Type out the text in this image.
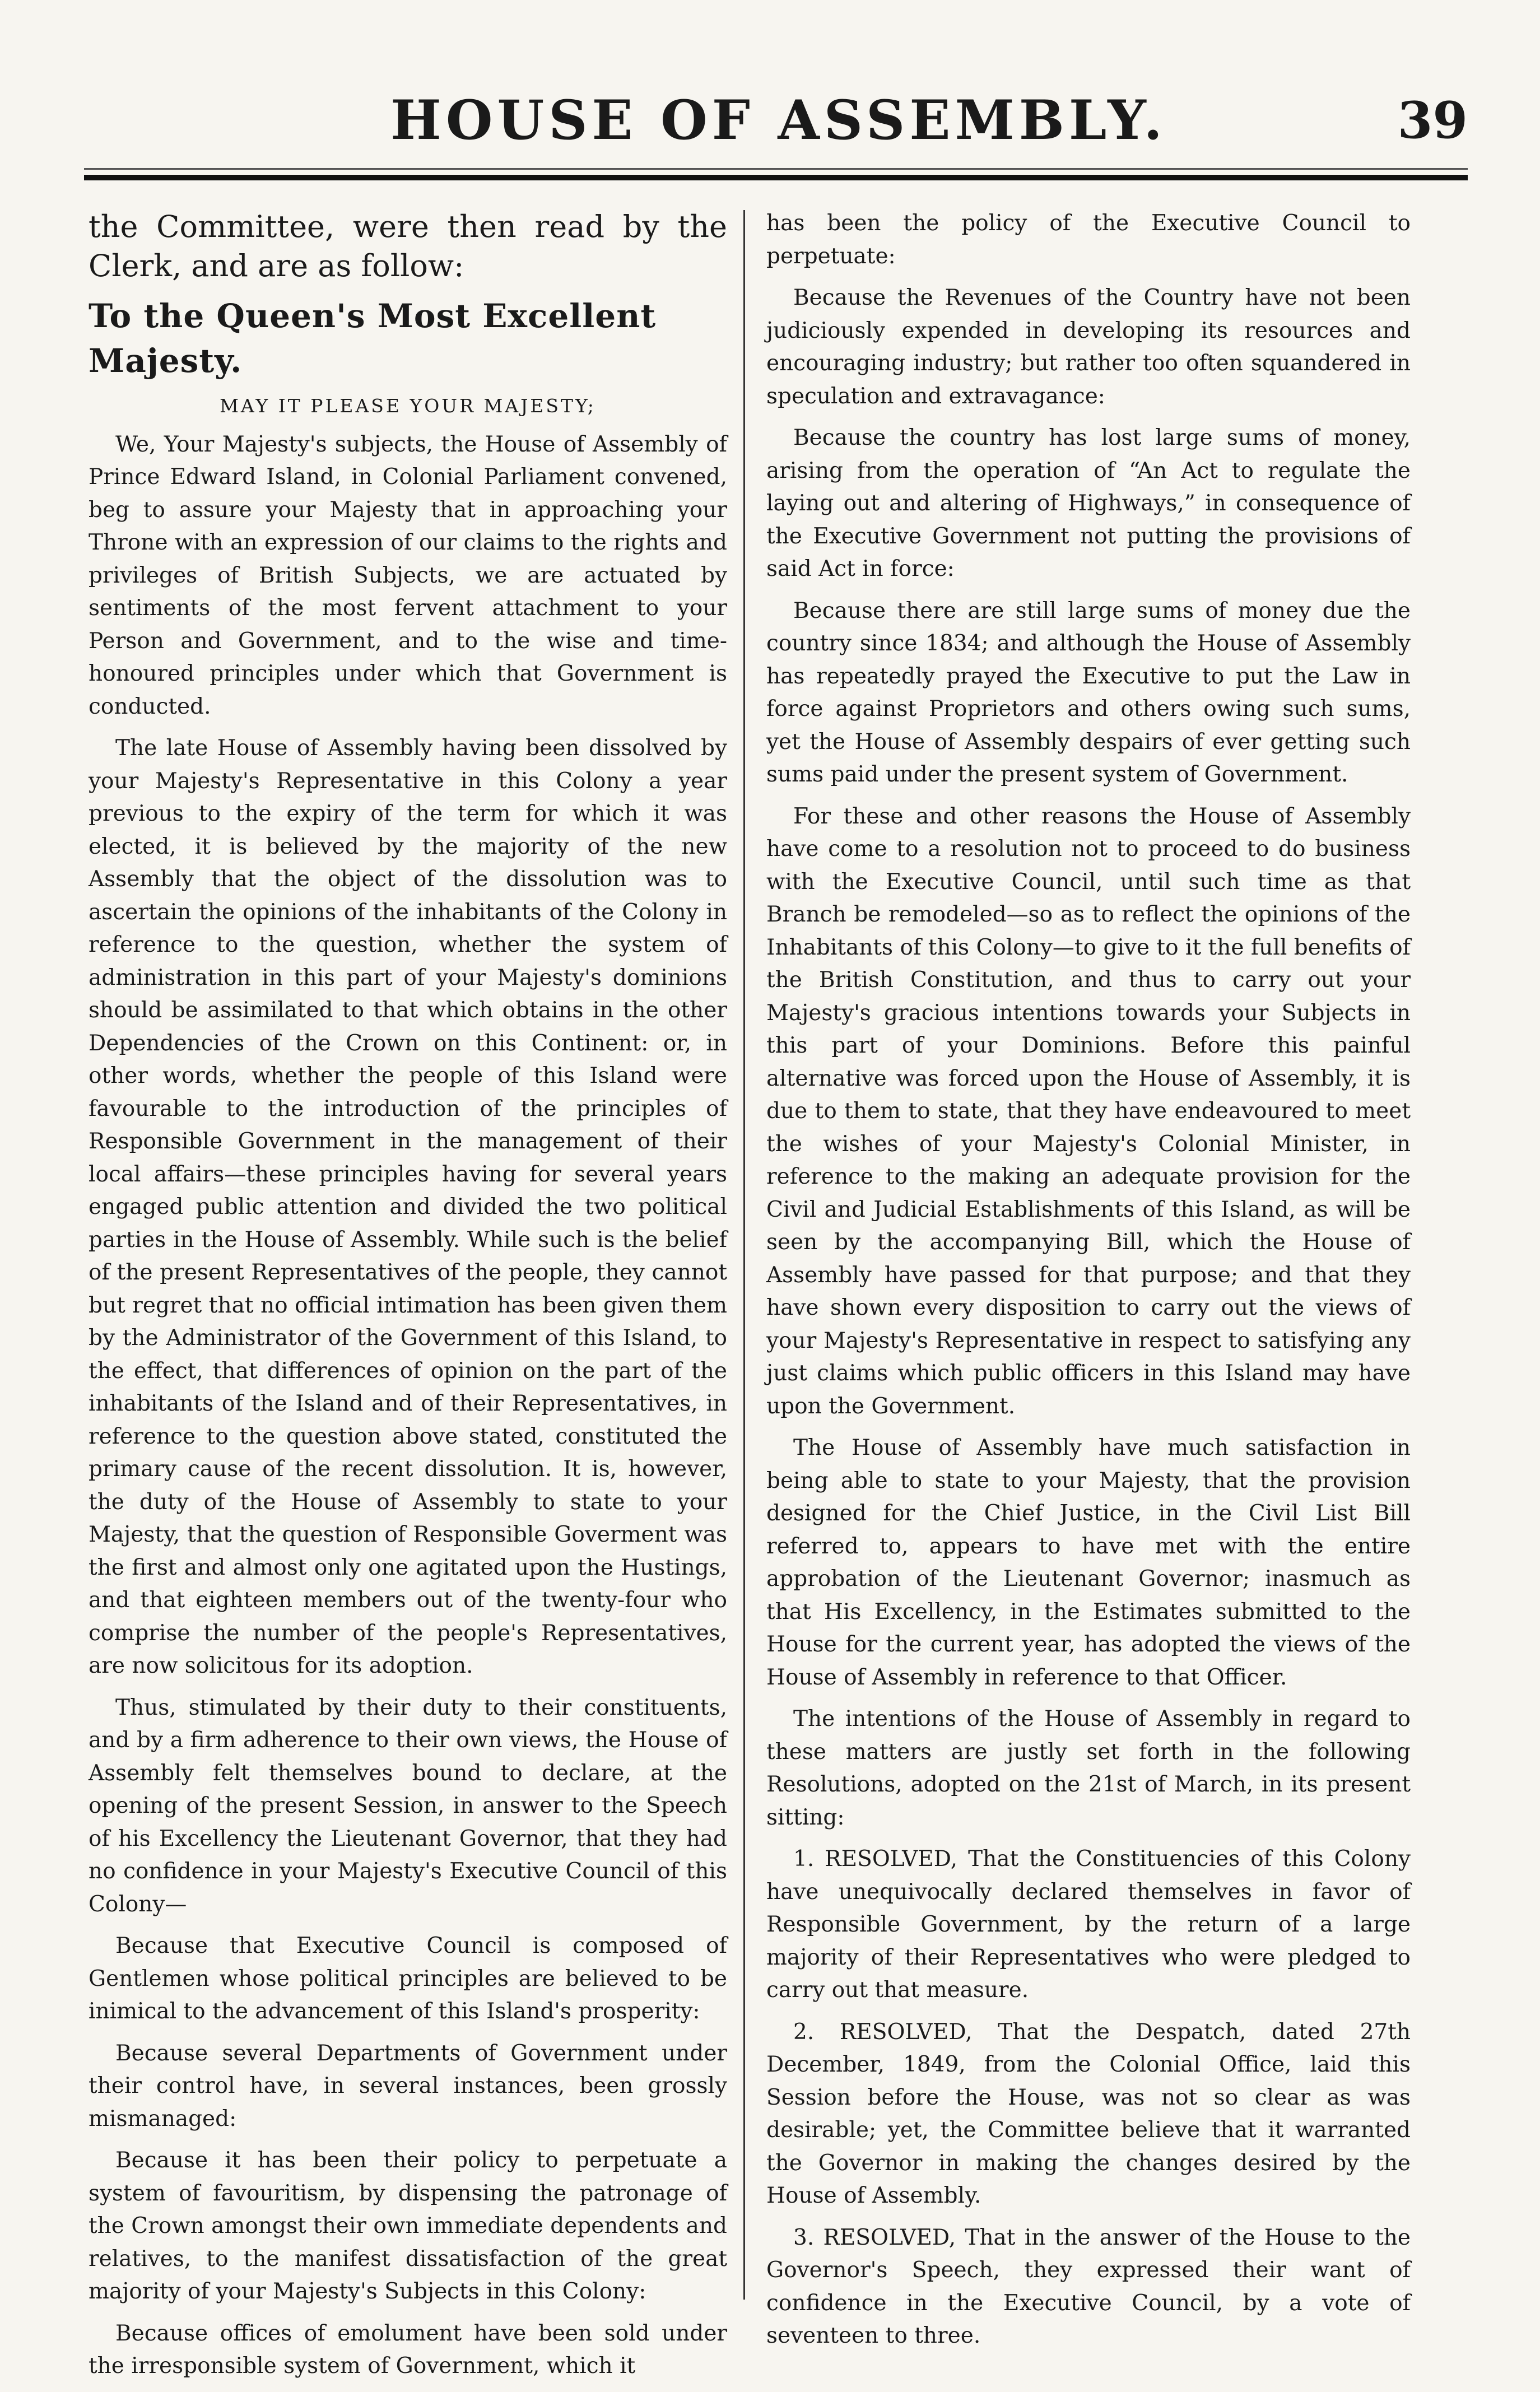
HOUSE OF ASSEMBLY.	39

the Committee, were then read by the Clerk, and are as follow:

To the Queen's Most Excellent Majesty.

MAY IT PLEASE YOUR MAJESTY;

We, Your Majesty's subjects, the House of Assembly of Prince Edward Island, in Colonial Parliament convened, beg to assure your Majesty that in approaching your Throne with an expression of our claims to the rights and privileges of British Subjects, we are actuated by sentiments of the most fervent attachment to your Person and Government, and to the wise and time-honoured principles under which that Government is conducted.

The late House of Assembly having been dissolved by your Majesty's Representative in this Colony a year previous to the expiry of the term for which it was elected, it is believed by the majority of the new Assembly that the object of the dissolution was to ascertain the opinions of the inhabitants of the Colony in reference to the question, whether the system of administration in this part of your Majesty's dominions should be assimilated to that which obtains in the other Dependencies of the Crown on this Continent: or, in other words, whether the people of this Island were favourable to the introduction of the principles of Responsible Government in the management of their local affairs—these principles having for several years engaged public attention and divided the two political parties in the House of Assembly. While such is the belief of the present Representatives of the people, they cannot but regret that no official intimation has been given them by the Administrator of the Government of this Island, to the effect, that differences of opinion on the part of the inhabitants of the Island and of their Representatives, in reference to the question above stated, constituted the primary cause of the recent dissolution. It is, however, the duty of the House of Assembly to state to your Majesty, that the question of Responsible Goverment was the first and almost only one agitated upon the Hustings, and that eighteen members out of the twenty-four who comprise the number of the people's Representatives, are now solicitous for its adoption.

Thus, stimulated by their duty to their constituents, and by a firm adherence to their own views, the House of Assembly felt themselves bound to declare, at the opening of the present Session, in answer to the Speech of his Excellency the Lieutenant Governor, that they had no confidence in your Majesty's Executive Council of this Colony—

Because that Executive Council is composed of Gentlemen whose political principles are believed to be inimical to the advancement of this Island's prosperity:

Because several Departments of Government under their control have, in several instances, been grossly mismanaged:

Because it has been their policy to perpetuate a system of favouritism, by dispensing the patronage of the Crown amongst their own immediate dependents and relatives, to the manifest dissatisfaction of the great majority of your Majesty's Subjects in this Colony:

Because offices of emolument have been sold under the irresponsible system of Government, which it

has been the policy of the Executive Council to perpetuate:

Because the Revenues of the Country have not been judiciously expended in developing its resources and encouraging industry; but rather too often squandered in speculation and extravagance:

Because the country has lost large sums of money, arising from the operation of “An Act to regulate the laying out and altering of Highways,” in consequence of the Executive Government not putting the provisions of said Act in force:

Because there are still large sums of money due the country since 1834; and although the House of Assembly has repeatedly prayed the Executive to put the Law in force against Proprietors and others owing such sums, yet the House of Assembly despairs of ever getting such sums paid under the present system of Government.

For these and other reasons the House of Assembly have come to a resolution not to proceed to do business with the Executive Council, until such time as that Branch be remodeled—so as to reflect the opinions of the Inhabitants of this Colony—to give to it the full benefits of the British Constitution, and thus to carry out your Majesty's gracious intentions towards your Subjects in this part of your Dominions. Before this painful alternative was forced upon the House of Assembly, it is due to them to state, that they have endeavoured to meet the wishes of your Majesty's Colonial Minister, in reference to the making an adequate provision for the Civil and Judicial Establishments of this Island, as will be seen by the accompanying Bill, which the House of Assembly have passed for that purpose; and that they have shown every disposition to carry out the views of your Majesty's Representative in respect to satisfying any just claims which public officers in this Island may have upon the Government.

The House of Assembly have much satisfaction in being able to state to your Majesty, that the provision designed for the Chief Justice, in the Civil List Bill referred to, appears to have met with the entire approbation of the Lieutenant Governor; inasmuch as that His Excellency, in the Estimates submitted to the House for the current year, has adopted the views of the House of Assembly in reference to that Officer.

The intentions of the House of Assembly in regard to these matters are justly set forth in the following Resolutions, adopted on the 21st of March, in its present sitting:

1. RESOLVED, That the Constituencies of this Colony have unequivocally declared themselves in favor of Responsible Government, by the return of a large majority of their Representatives who were pledged to carry out that measure.

2. RESOLVED, That the Despatch, dated 27th December, 1849, from the Colonial Office, laid this Session before the House, was not so clear as was desirable; yet, the Committee believe that it warranted the Governor in making the changes desired by the House of Assembly.

3. RESOLVED, That in the answer of the House to the Governor's Speech, they expressed their want of confidence in the Executive Council, by a vote of seventeen to three.
